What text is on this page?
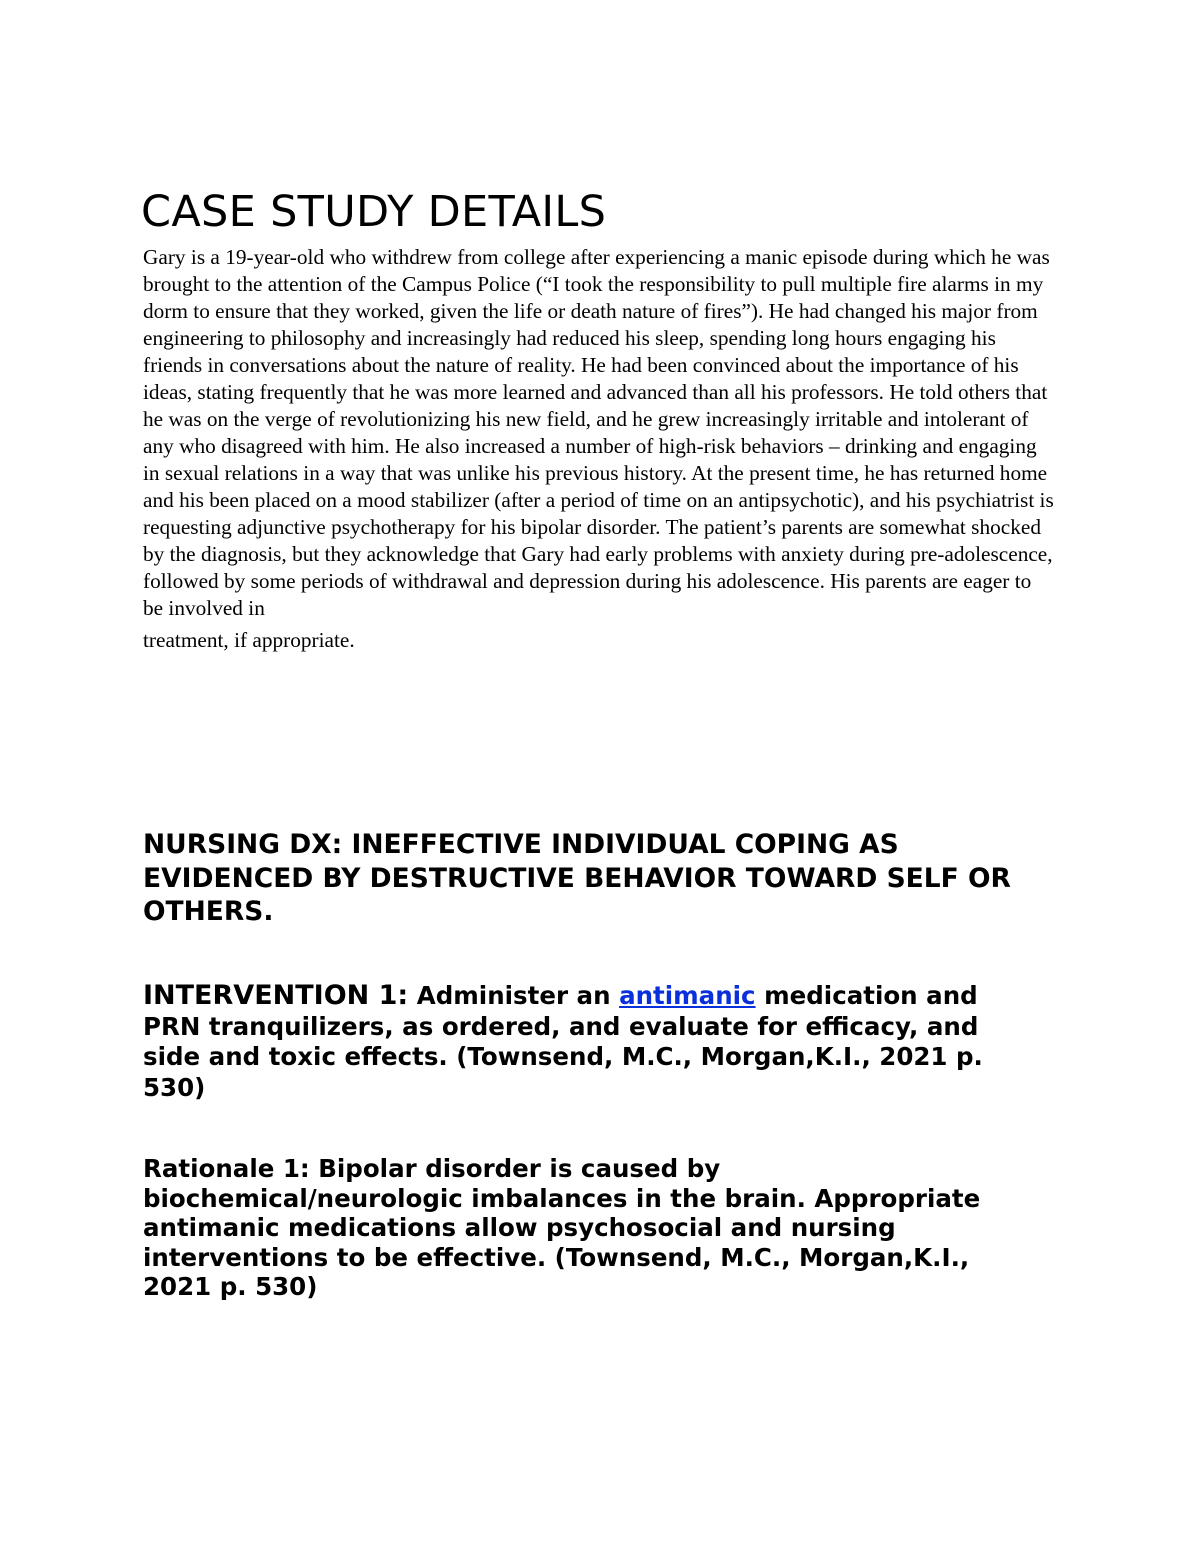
CASE STUDY DETAILS

Gary is a 19-year-old who withdrew from college after experiencing a manic episode during which he was brought to the attention of the Campus Police (“I took the responsibility to pull multiple fire alarms in my dorm to ensure that they worked, given the life or death nature of fires”). He had changed his major from engineering to philosophy and increasingly had reduced his sleep, spending long hours engaging his friends in conversations about the nature of reality. He had been convinced about the importance of his ideas, stating frequently that he was more learned and advanced than all his professors. He told others that he was on the verge of revolutionizing his new field, and he grew increasingly irritable and intolerant of any who disagreed with him. He also increased a number of high-risk behaviors – drinking and engaging in sexual relations in a way that was unlike his previous history. At the present time, he has returned home and his been placed on a mood stabilizer (after a period of time on an antipsychotic), and his psychiatrist is requesting adjunctive psychotherapy for his bipolar disorder. The patient’s parents are somewhat shocked by the diagnosis, but they acknowledge that Gary had early problems with anxiety during pre-adolescence, followed by some periods of withdrawal and depression during his adolescence. His parents are eager to be involved in
treatment, if appropriate.

NURSING DX: INEFFECTIVE INDIVIDUAL COPING AS EVIDENCED BY DESTRUCTIVE BEHAVIOR TOWARD SELF OR OTHERS.

INTERVENTION 1: Administer an antimanic medication and PRN tranquilizers, as ordered, and evaluate for efficacy, and side and toxic effects. (Townsend, M.C., Morgan,K.I., 2021 p. 530)

Rationale 1: Bipolar disorder is caused by biochemical/neurologic imbalances in the brain. Appropriate antimanic medications allow psychosocial and nursing interventions to be effective. (Townsend, M.C., Morgan,K.I., 2021 p. 530)
